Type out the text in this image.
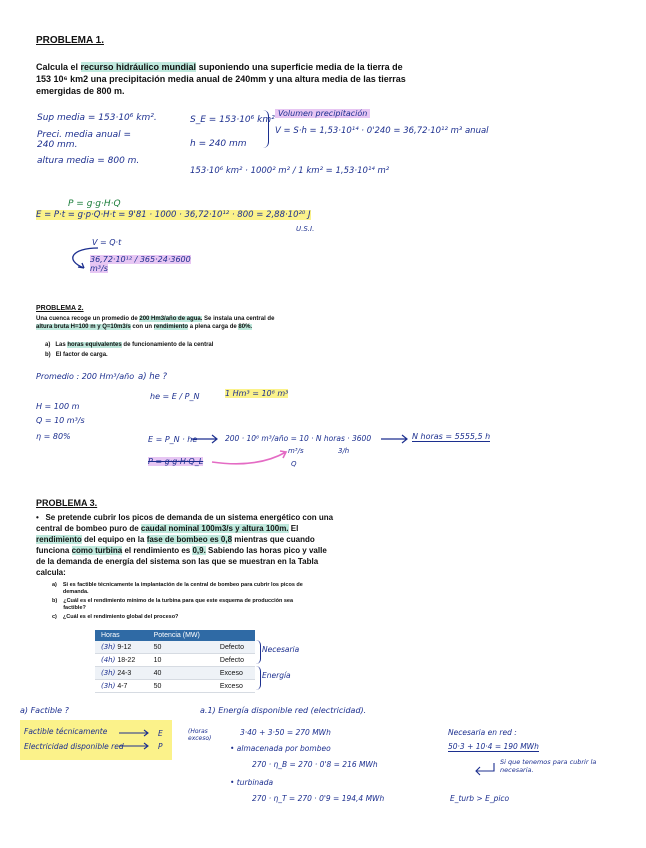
PROBLEMA 1.
Calcula el recurso hidráulico mundial suponiendo una superficie media de la tierra de 153 10⁶ km2 una precipitación media anual de 240mm y una altura media de las tierras emergidas de 800 m.
Sup media = 153·10⁶ km².
Preci. media anual = 240 mm.
altura media = 800 m.
S_E = 153·10⁶ km²
h = 240 mm
Volumen precipitación
V = S·h = 1,53·10¹⁴ · 0'240 = 36,72·10¹² m³ anual
153·10⁶ km² · 1000² m² / 1 km² = 1,53·10¹⁴ m²
P = g·g·H·Q
E = P·t = g·p·Q·H·t = 9'81 · 1000 · 36,72·10¹² · 800 = 2,88·10²⁰ J
U.S.I.
V = Q·t
36,72·10¹² / 365·24·3600 m³/s
PROBLEMA 2.
Una cuenca recoge un promedio de 200 Hm3/año de agua. Se instala una central de altura bruta H=100 m y Q=10m3/s con un rendimiento a plena carga de 80%.
a) Las horas equivalentes de funcionamiento de la central
b) El factor de carga.
Promedio : 200 Hm³/año
H = 100 m
Q = 10 m³/s
η = 80%
a) he ?
he = E / P_N	1 Hm³ = 10⁶ m³
E = P_N · he	200 · 10⁶ m³/año = 10 · N horas · 3600
m³/s
Q
3/h
N horas = 5555,5 h
P = g·g·H·Q_L
PROBLEMA 3.
•   Se pretende cubrir los picos de demanda de un sistema energético con una central de bombeo puro de caudal nominal 100m3/s y altura 100m. El rendimiento del equipo en la fase de bombeo es 0,8 mientras que cuando funciona como turbina el rendimiento es 0,9. Sabiendo las horas pico y valle de la demanda de energía del sistema son las que se muestran en la Tabla calcula:
a) Si es factible técnicamente la implantación de la central de bombeo para cubrir los picos de demanda.
b) ¿Cuál es el rendimiento mínimo de la turbina para que este esquema de producción sea factible?
c) ¿Cuál es el rendimiento global del proceso?
Horas	Potencia (MW)	
(3h) 9-12	50	Defecto
(4h) 18-22	10	Defecto
(3h) 24-3	40	Exceso
(3h) 4-7	50	Exceso
Necesaria
Energía
a) Factible ?
Factible técnicamente
Electricidad disponible red
E
P
a.1) Energía disponible red (electricidad).
(Horas exceso)
3·40 + 3·50 = 270 MWh
• almacenada por bombeo
270 · η_B = 270 · 0'8 = 216 MWh
• turbinada
270 · η_T = 270 · 0'9 = 194,4 MWh
Necesaria en red :
50·3 + 10·4 = 190 MWh
Si que tenemos para cubrir la necesaria.
E_turb > E_pico
